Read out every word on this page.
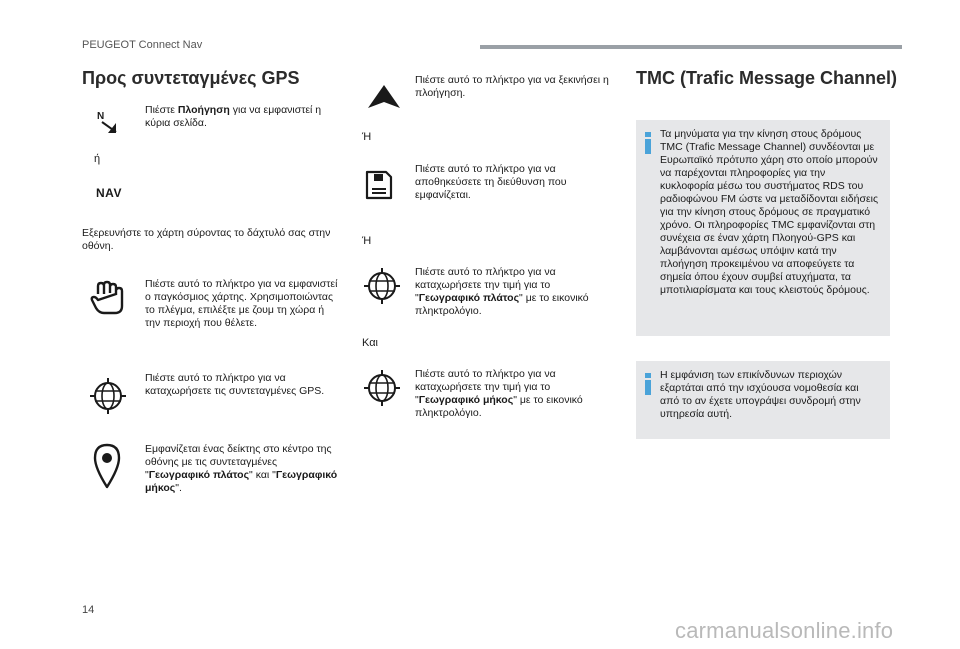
PEUGEOT Connect Nav
Προς συντεταγμένες GPS
N
Πιέστε Πλοήγηση για να εμφανιστεί η κύρια σελίδα.
ή
NAV
Εξερευνήστε το χάρτη σύροντας το δάχτυλό σας στην οθόνη.
Πιέστε αυτό το πλήκτρο για να εμφανιστεί ο παγκόσμιος χάρτης. Χρησιμοποιώντας το πλέγμα, επιλέξτε με ζουμ τη χώρα ή την περιοχή που θέλετε.
Πιέστε αυτό το πλήκτρο για να καταχωρήσετε τις συντεταγμένες GPS.
Εμφανίζεται ένας δείκτης στο κέντρο της οθόνης με τις συντεταγμένες "Γεωγραφικό πλάτος" και "Γεωγραφικό μήκος".
Πιέστε αυτό το πλήκτρο για να ξεκινήσει η πλοήγηση.
Ή
Πιέστε αυτό το πλήκτρο για να αποθηκεύσετε τη διεύθυνση που εμφανίζεται.
Ή
Πιέστε αυτό το πλήκτρο για να καταχωρήσετε την τιμή για το "Γεωγραφικό πλάτος" με το εικονικό πληκτρολόγιο.
Και
Πιέστε αυτό το πλήκτρο για να καταχωρήσετε την τιμή για το "Γεωγραφικό μήκος" με το εικονικό πληκτρολόγιο.
TMC (Trafic Message Channel)
Τα μηνύματα για την κίνηση στους δρόμους TMC (Trafic Message Channel) συνδέονται με Ευρωπαϊκό πρότυπο χάρη στο οποίο μπορούν να παρέχονται πληροφορίες για την κυκλοφορία μέσω του συστήματος RDS του ραδιοφώνου FM ώστε να μεταδίδονται ειδήσεις για την κίνηση στους δρόμους σε πραγματικό χρόνο. Οι πληροφορίες TMC εμφανίζονται στη συνέχεια σε έναν χάρτη Πλοηγού-GPS και λαμβάνονται αμέσως υπόψιν κατά την πλοήγηση προκειμένου να αποφεύγετε τα σημεία όπου έχουν συμβεί ατυχήματα, τα μποτιλιαρίσματα και τους κλειστούς δρόμους.
Η εμφάνιση των επικίνδυνων περιοχών εξαρτάται από την ισχύουσα νομοθεσία και από το αν έχετε υπογράψει συνδρομή στην υπηρεσία αυτή.
14
carmanualsonline.info
